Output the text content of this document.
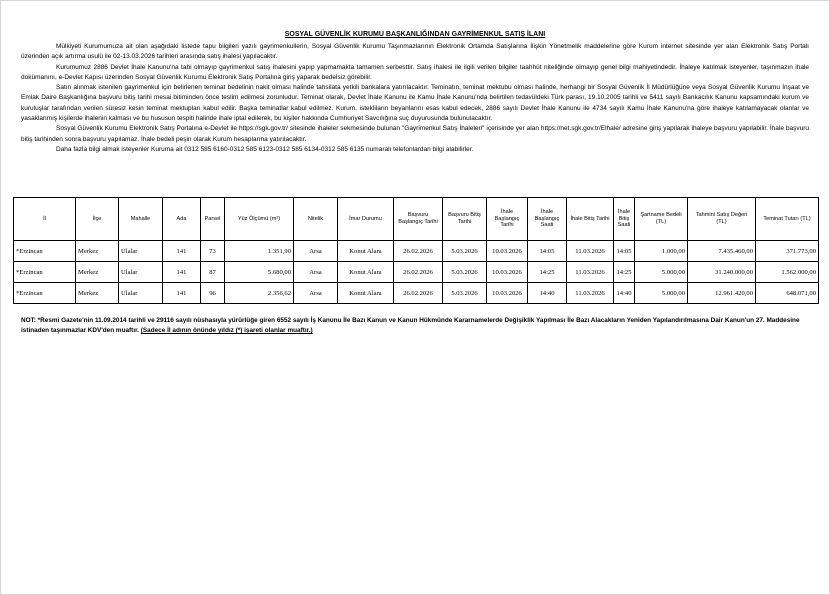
SOSYAL GÜVENLİK KURUMU BAŞKANLIĞINDAN GAYRİMENKUL SATIŞ İLANI

Mülkiyeti Kurumumuza ait olan aşağıdaki listede tapu bilgileri yazılı gayrimenkullerin, Sosyal Güvenlik Kurumu Taşınmazlarının Elektronik Ortamda Satışlarına İlişkin Yönetmelik maddelerine göre Kurum internet sitesinde yer alan Elektronik Satış Portalı üzerinden açık artırma usulü ile 02-13.03.2026 tarihleri arasında satış ihalesi yapılacaktır.

Kurumumuz 2886 Devlet İhale Kanunu'na tabi olmayıp gayrimenkul satış ihalesini yapıp yapmamakta tamamen serbesttir. Satış ihalesi ile ilgili verilen bilgiler taahhüt niteliğinde olmayıp genel bilgi mahiyetindedir. İhaleye katılmak isteyenler, taşınmazın ihale dokümanını, e-Devlet Kapısı üzerinden Sosyal Güvenlik Kurumu Elektronik Satış Portalına giriş yaparak bedelsiz görebilir.

Satın alınmak istenilen gayrimenkul için belirlenen teminat bedelinin nakit olması halinde tahsilata yetkili bankalara yatırılacaktır. Teminatın, teminat mektubu olması halinde, herhangi bir Sosyal Güvenlik İl Müdürlüğüne veya Sosyal Güvenlik Kurumu İnşaat ve Emlak Daire Başkanlığına başvuru bitiş tarihi mesai bitiminden önce teslim edilmesi zorunludur. Teminat olarak, Devlet İhale Kanunu ile Kamu İhale Kanunu'nda belirtilen tedavüldeki Türk parası, 19.10.2005 tarihli ve 5411 sayılı Bankacılık Kanunu kapsamındaki kurum ve kuruluşlar tarafından verilen süresiz kesin teminat mektupları kabul edilir. Başka teminatlar kabul edilmez. Kurum, istekliların beyanlarını esas kabul edecek, 2886 sayılı Devlet İhale Kanunu ile 4734 sayılı Kamu İhale Kanunu'na göre ihaleye katılamayacak olanlar ve yasaklanmış kişilerde ihalenin kalması ve bu hususun tespiti halinde ihale iptal edilerek, bu kişiler hakkında Cumhuriyet Savcılığına suç duyurusunda bulunulacaktır.

Sosyal Güvenlik Kurumu Elektronik Satış Portalına e-Devlet ile https://sgk.gov.tr/ sitesinde ihaleler sekmesinde bulunan "Gayrimenkul Satış İhaleleri" içerisinde yer alan https://net.sgk.gov.tr/Elhale/ adresine giriş yapılarak ihaleye başvuru yapılabilir. İhale başvuru bitiş tarihinden sonra başvuru yapılamaz. İhale bedeli peşin olarak Kurum hesaplarına yatırılacaktır.

Daha fazla bilgi almak isteyenler Kuruma ait 0312 585 6160-0312 585 6123-0312 585 6134-0312 585 6135 numaralı telefonlardan bilgi alabilirler.

İl	İlçe	Mahalle	Ada	Parsel	Yüz Ölçümü (m²)	Nitelik	İmar Durumu	Başvuru Başlangıç Tarihi	Başvuru Bitiş Tarihi	İhale Başlangıç Tarihi	İhale Başlangıç Saati	İhale Bitiş Tarihi	İhale Bitiş Saati	Şartname Bedeli (TL)	Tahmini Satış Değeri (TL)	Teminat Tutarı (TL)
*Erzincan	Merkez	Ulalar	141	73	1.351,90	Arsa	Konut Alanı	26.02.2026	5.03.2026	10.03.2026	14:05	11.03.2026	14:05	1.000,00	7.435.460,00	371.773,00
*Erzincan	Merkez	Ulalar	141	87	5.680,00	Arsa	Konut Alanı	26.02.2026	5.03.2026	10.03.2026	14:25	11.03.2026	14:25	5.000,00	31.240.000,00	1.562.000,00
*Erzincan	Merkez	Ulalar	141	96	2.356,62	Arsa	Konut Alanı	26.02.2026	5.03.2026	10.03.2026	14:40	11.03.2026	14:40	5.000,00	12.961.420,00	648.071,00
NOT: *Resmî Gazete'nin 11.09.2014 tarihli ve 29116 sayılı nüshasıyla yürürlüğe giren 6552 sayılı İş Kanunu İle Bazı Kanun ve Kanun Hükmünde Kararnamelerde Değişiklik Yapılması İle Bazı Alacakların Yeniden Yapılandırılmasına Dair Kanun'un 27. Maddesine istinaden taşınmazlar KDV'den muaftır. (Sadece İl adının önünde yıldız (*) işareti olanlar muaftır.)
